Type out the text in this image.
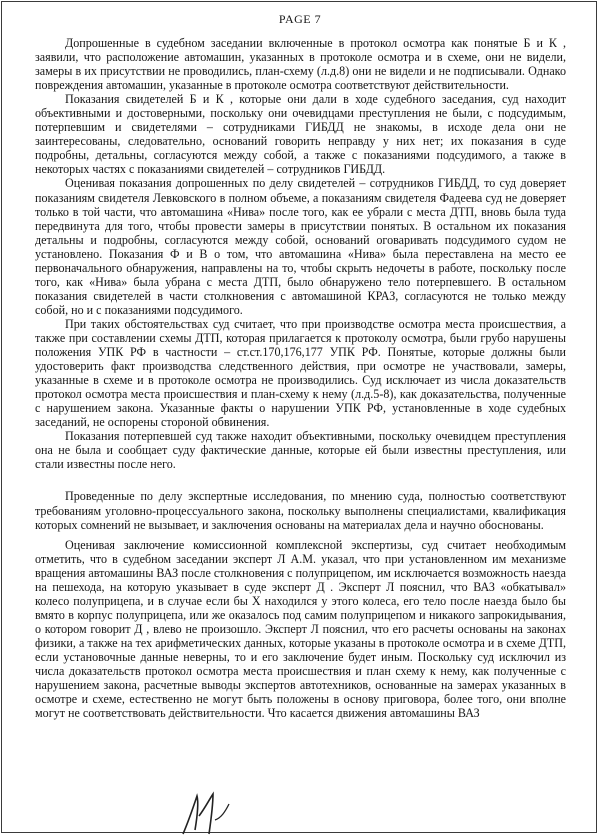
PAGE 7

Допрошенные в судебном заседании включенные в протокол осмотра как понятые Б и К , заявили, что расположение автомашин, указанных в протоколе осмотра и в схеме, они не видели, замеры в их присутствии не проводились, план-схему (л.д.8) они не видели и не подписывали. Однако повреждения автомашин, указанные в протоколе осмотра соответствуют действительности.

Показания свидетелей Б и К , которые они дали в ходе судебного заседания, суд находит объективными и достоверными, поскольку они очевидцами преступления не были, с подсудимым, потерпевшим и свидетелями – сотрудниками ГИБДД не знакомы, в исходе дела они не заинтересованы, следовательно, оснований говорить неправду у них нет; их показания в суде подробны, детальны, согласуются между собой, а также с показаниями подсудимого, а также в некоторых частях с показаниями свидетелей – сотрудников ГИБДД.

Оценивая показания допрошенных по делу свидетелей – сотрудников ГИБДД, то суд доверяет показаниям свидетеля Левковского в полном объеме, а показаниям свидетеля Фадеева суд не доверяет только в той части, что автомашина «Нива» после того, как ее убрали с места ДТП, вновь была туда передвинута для того, чтобы провести замеры в присутствии понятых. В остальном их показания детальны и подробны, согласуются между собой, оснований оговаривать подсудимого судом не установлено. Показания Ф и В о том, что автомашина «Нива» была переставлена на место ее первоначального обнаружения, направлены на то, чтобы скрыть недочеты в работе, поскольку после того, как «Нива» была убрана с места ДТП, было обнаружено тело потерпевшего. В остальном показания свидетелей в части столкновения с автомашиной КРАЗ, согласуются не только между собой, но и с показаниями подсудимого.

При таких обстоятельствах суд считает, что при производстве осмотра места происшествия, а также при составлении схемы ДТП, которая прилагается к протоколу осмотра, были грубо нарушены положения УПК РФ в частности – ст.ст.170,176,177 УПК РФ. Понятые, которые должны были удостоверить факт производства следственного действия, при осмотре не участвовали, замеры, указанные в схеме и в протоколе осмотра не производились. Суд исключает из числа доказательств протокол осмотра места происшествия и план-схему к нему (л.д.5-8), как доказательства, полученные с нарушением закона. Указанные факты о нарушении УПК РФ, установленные в ходе судебных заседаний, не оспорены стороной обвинения.

Показания потерпевшей суд также находит объективными, поскольку очевидцем преступления она не была и сообщает суду фактические данные, которые ей были известны преступления, или стали известны после него.

Проведенные по делу экспертные исследования, по мнению суда, полностью соответствуют требованиям уголовно-процессуального закона, поскольку выполнены специалистами, квалификация которых сомнений не вызывает, и заключения основаны на материалах дела и научно обоснованы.

Оценивая заключение комиссионной комплексной экспертизы, суд считает необходимым отметить, что в судебном заседании эксперт Л А.М. указал, что при установленном им механизме вращения автомашины ВАЗ после столкновения с полуприцепом, им исключается возможность наезда на пешехода, на которую указывает в суде эксперт Д . Эксперт Л пояснил, что ВАЗ «обкатывал» колесо полуприцепа, и в случае если бы Х находился у этого колеса, его тело после наезда было бы вмято в корпус полуприцепа, или же оказалось под самим полуприцепом и никакого запрокидывания, о котором говорит Д , влево не произошло. Эксперт Л пояснил, что его расчеты основаны на законах физики, а также на тех арифметических данных, которые указаны в протоколе осмотра и в схеме ДТП, если установочные данные неверны, то и его заключение будет иным. Поскольку суд исключил из числа доказательств протокол осмотра места происшествия и план схему к нему, как полученные с нарушением закона, расчетные выводы экспертов автотехников, основанные на замерах указанных в осмотре и схеме, естественно не могут быть положены в основу приговора, более того, они вполне могут не соответствовать действительности. Что касается движения автомашины ВАЗ
